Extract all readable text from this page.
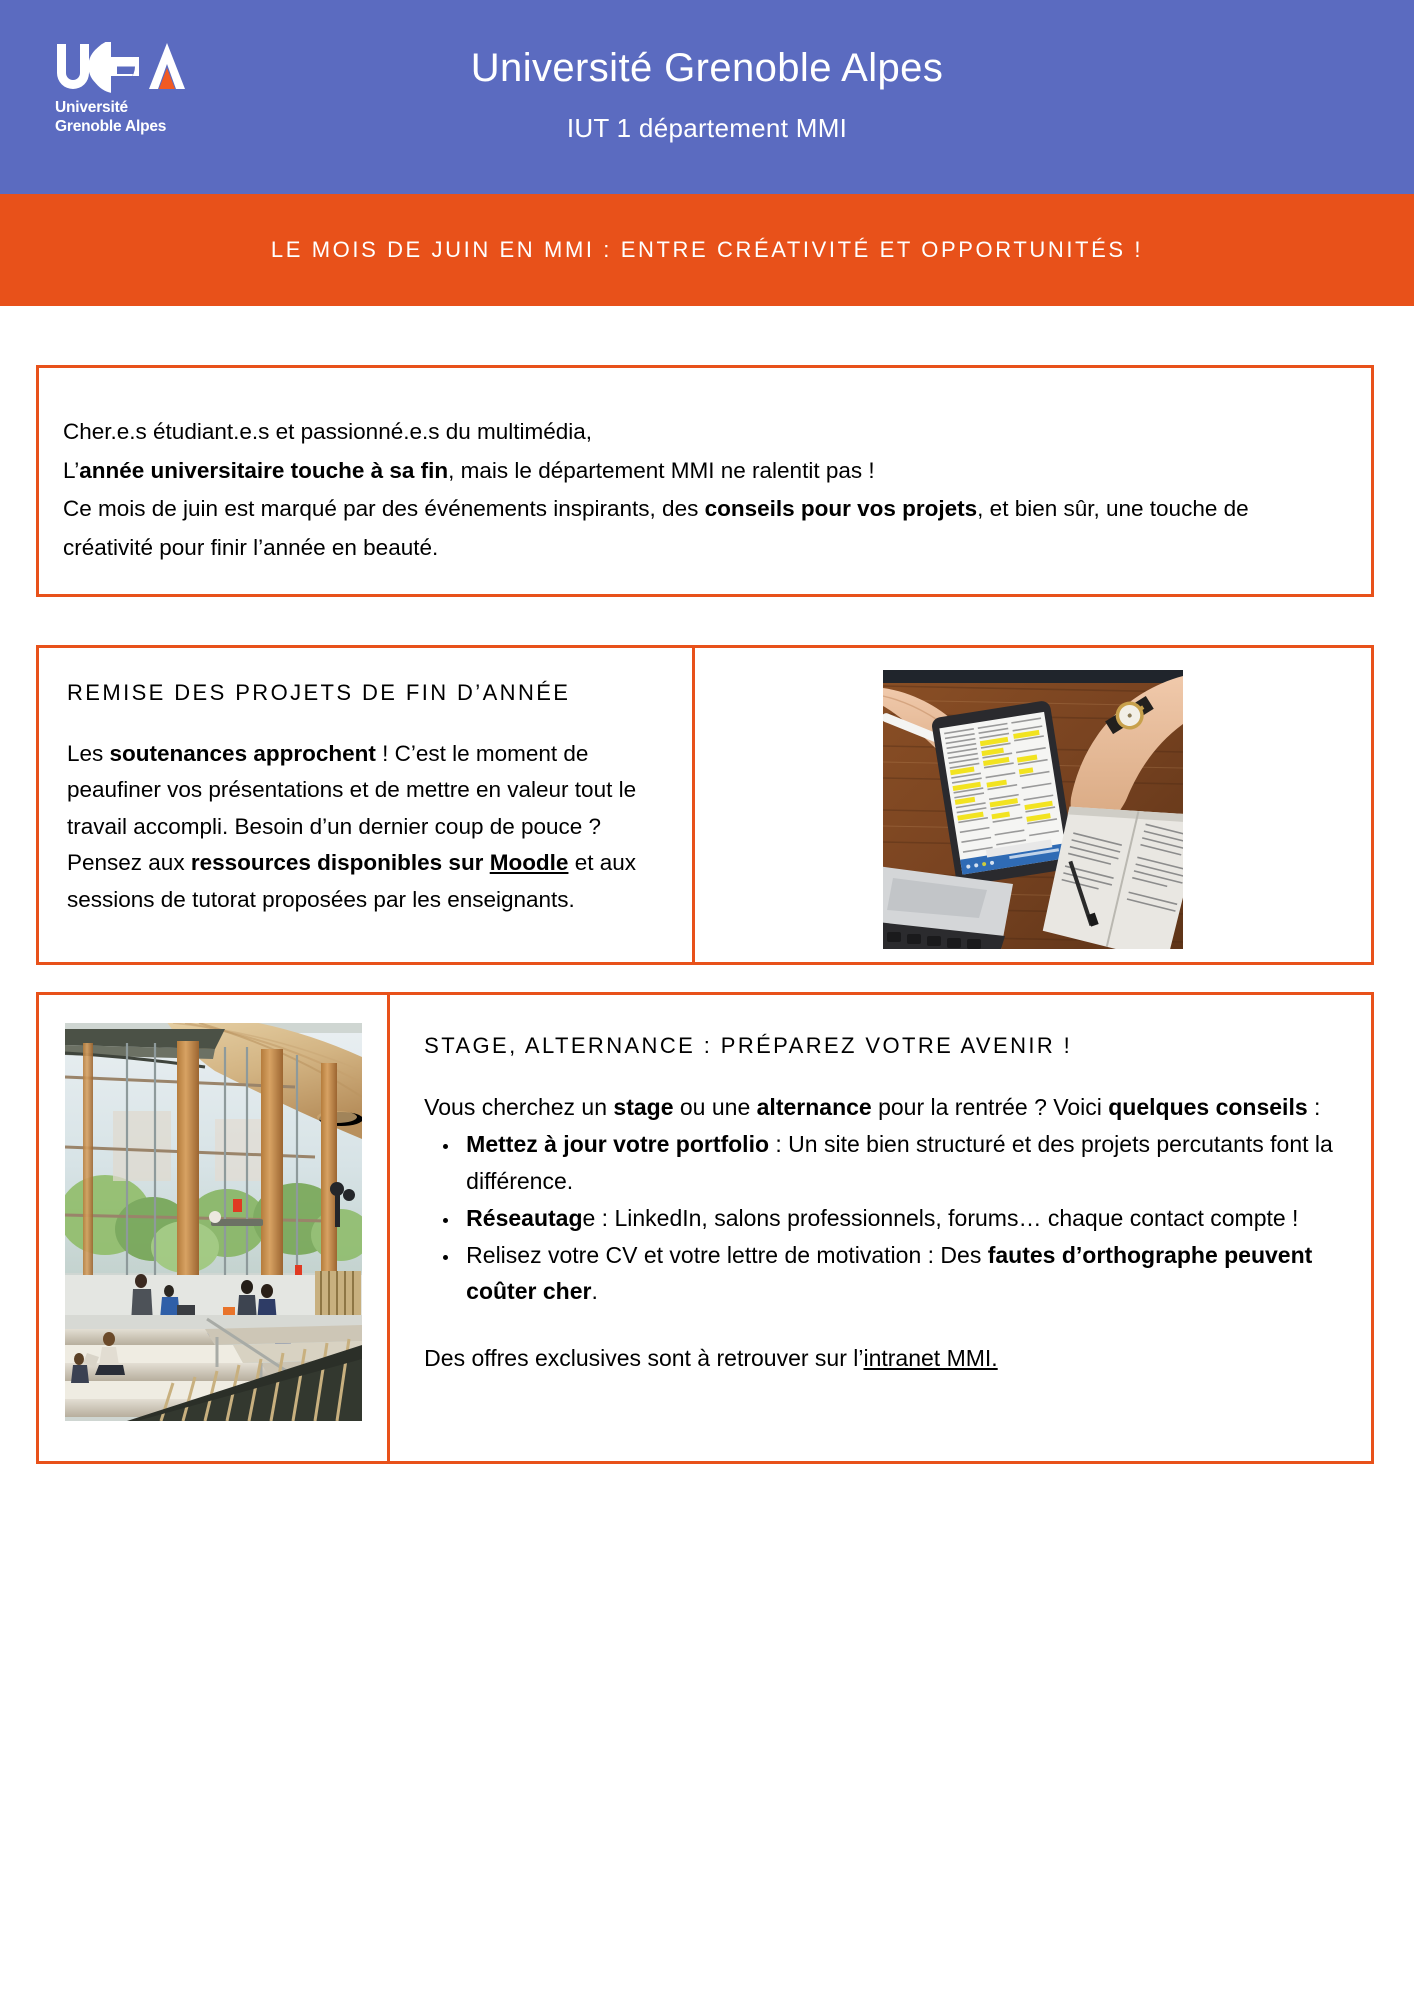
Université
Grenoble Alpes
Université Grenoble Alpes
IUT 1 département MMI
LE MOIS DE JUIN EN MMI : ENTRE CRÉATIVITÉ ET OPPORTUNITÉS !
Cher.e.s étudiant.e.s et passionné.e.s du multimédia,
L’année universitaire touche à sa fin, mais le département MMI ne ralentit pas !
Ce mois de juin est marqué par des événements inspirants, des conseils pour vos projets, et bien sûr, une touche de créativité pour finir l’année en beauté.
REMISE DES PROJETS DE FIN D’ANNÉE
Les soutenances approchent ! C’est le moment de peaufiner vos présentations et de mettre en valeur tout le travail accompli. Besoin d’un dernier coup de pouce ? Pensez aux ressources disponibles sur Moodle et aux sessions de tutorat proposées par les enseignants.
STAGE, ALTERNANCE : PRÉPAREZ VOTRE AVENIR !
Vous cherchez un stage ou une alternance pour la rentrée ? Voici quelques conseils :
• Mettez à jour votre portfolio : Un site bien structuré et des projets percutants font la différence.
• Réseautage : LinkedIn, salons professionnels, forums… chaque contact compte !
• Relisez votre CV et votre lettre de motivation : Des fautes d’orthographe peuvent coûter cher.
Des offres exclusives sont à retrouver sur l’intranet MMI.
